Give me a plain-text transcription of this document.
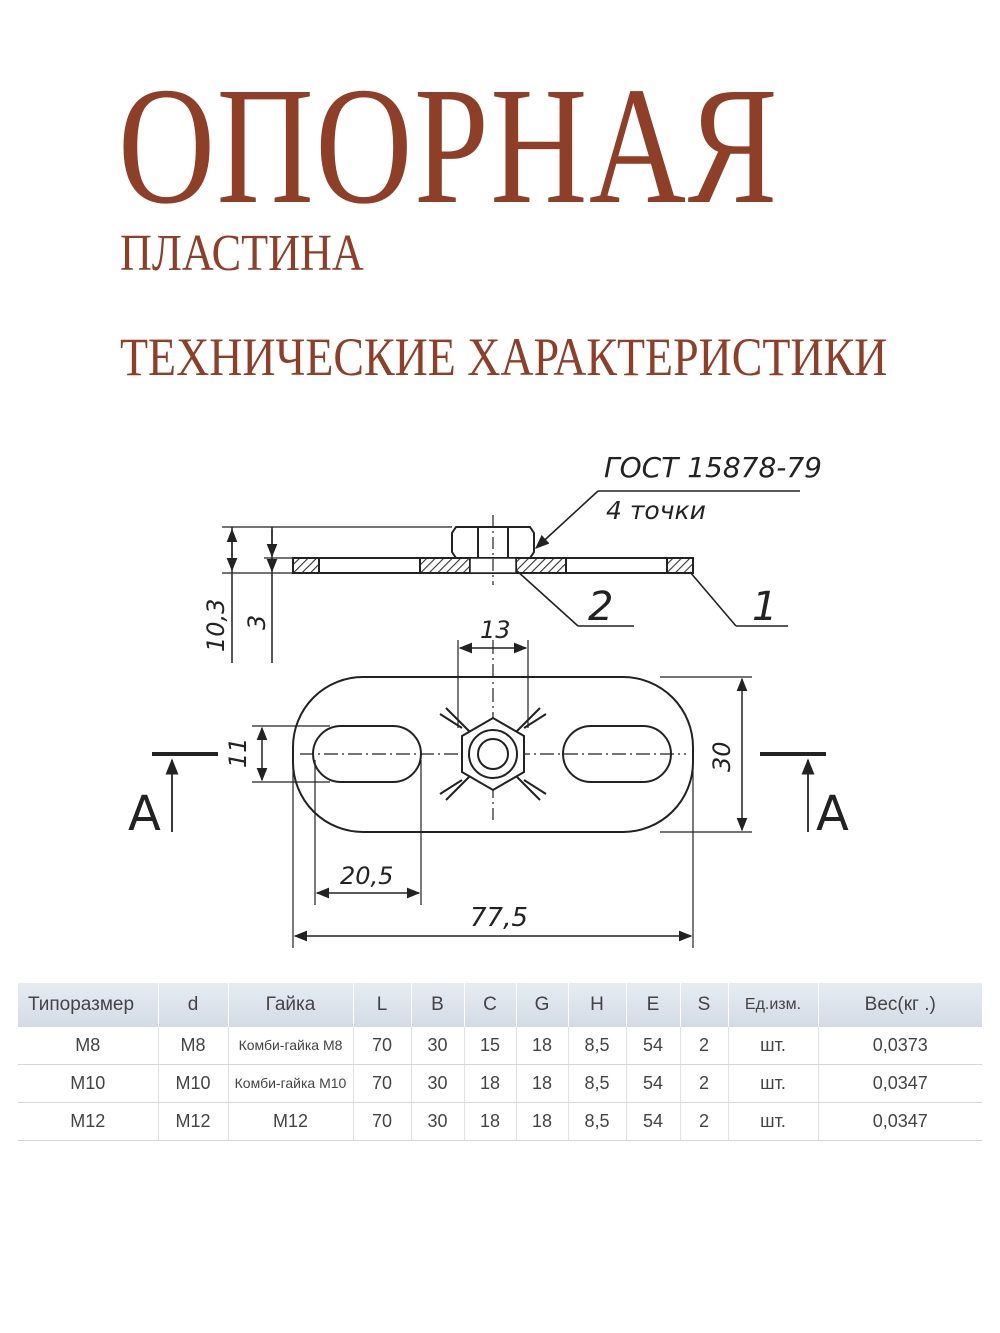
ОПОРНАЯ
ПЛАСТИНА
ТЕХНИЧЕСКИЕ ХАРАКТЕРИСТИКИ
ГОСТ 15878-79
4 точки
2	1
10,3 3	13
11	30
20,5
77,5
A	A
Типоразмер	d	Гайка	L	B	C	G	H	E	S	Ед.изм.	Вес(кг .)
M8	M8	Комби-гайка M8	70	30	15	18	8,5	54	2	шт.	0,0373
M10	M10	Комби-гайка M10	70	30	18	18	8,5	54	2	шт.	0,0347
M12	M12	M12	70	30	18	18	8,5	54	2	шт.	0,0347
